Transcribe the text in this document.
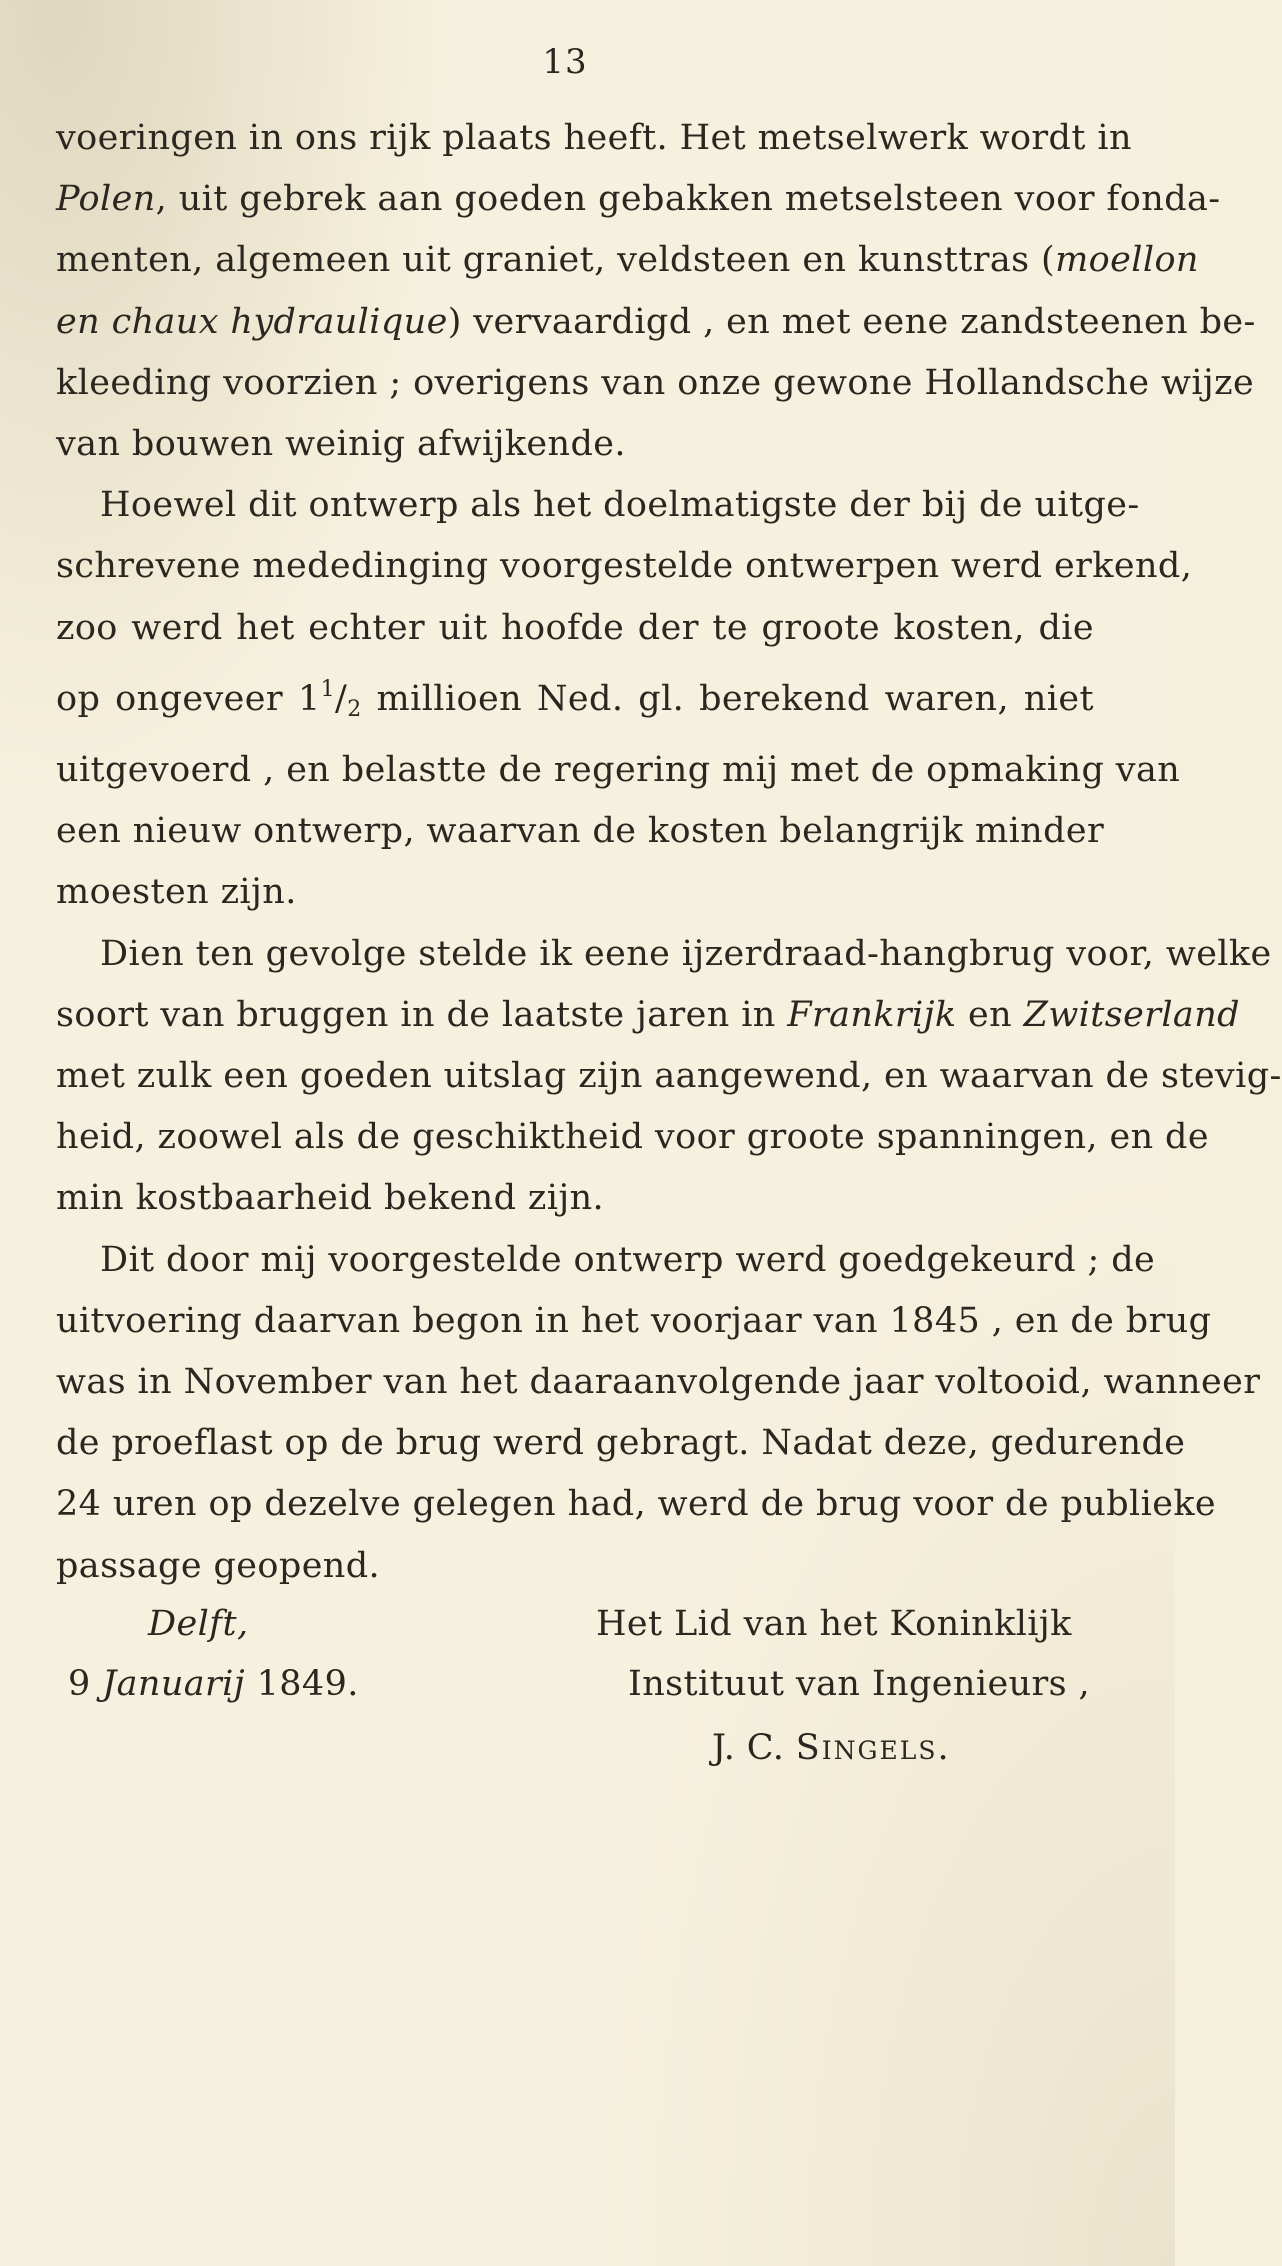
13
voeringen in ons rijk plaats heeft. Het metselwerk wordt in
Polen, uit gebrek aan goeden gebakken metselsteen voor fonda-
menten, algemeen uit graniet, veldsteen en kunsttras (moellon
en chaux hydraulique) vervaardigd , en met eene zandsteenen be-
kleeding voorzien ; overigens van onze gewone Hollandsche wijze
van bouwen weinig afwijkende.
Hoewel dit ontwerp als het doelmatigste der bij de uitge-
schrevene mededinging voorgestelde ontwerpen werd erkend,
zoo werd het echter uit hoofde der te groote kosten, die
op ongeveer $1^1/_2$ millioen Ned. gl. berekend waren, niet
uitgevoerd , en belastte de regering mij met de opmaking van
een nieuw ontwerp, waarvan de kosten belangrijk minder
moesten zijn.
Dien ten gevolge stelde ik eene ijzerdraad-hangbrug voor, welke
soort van bruggen in de laatste jaren in Frankrijk en Zwitserland
met zulk een goeden uitslag zijn aangewend, en waarvan de stevig-
heid, zoowel als de geschiktheid voor groote spanningen, en de
min kostbaarheid bekend zijn.
Dit door mij voorgestelde ontwerp werd goedgekeurd ; de
uitvoering daarvan begon in het voorjaar van 1845 , en de brug
was in November van het daaraanvolgende jaar voltooid, wanneer
de proeflast op de brug werd gebragt. Nadat deze, gedurende
24 uren op dezelve gelegen had, werd de brug voor de publieke
passage geopend.
Delft,
9 Januarij 1849.
Het Lid van het Koninklijk
Instituut van Ingenieurs ,
J. C. Singels.
